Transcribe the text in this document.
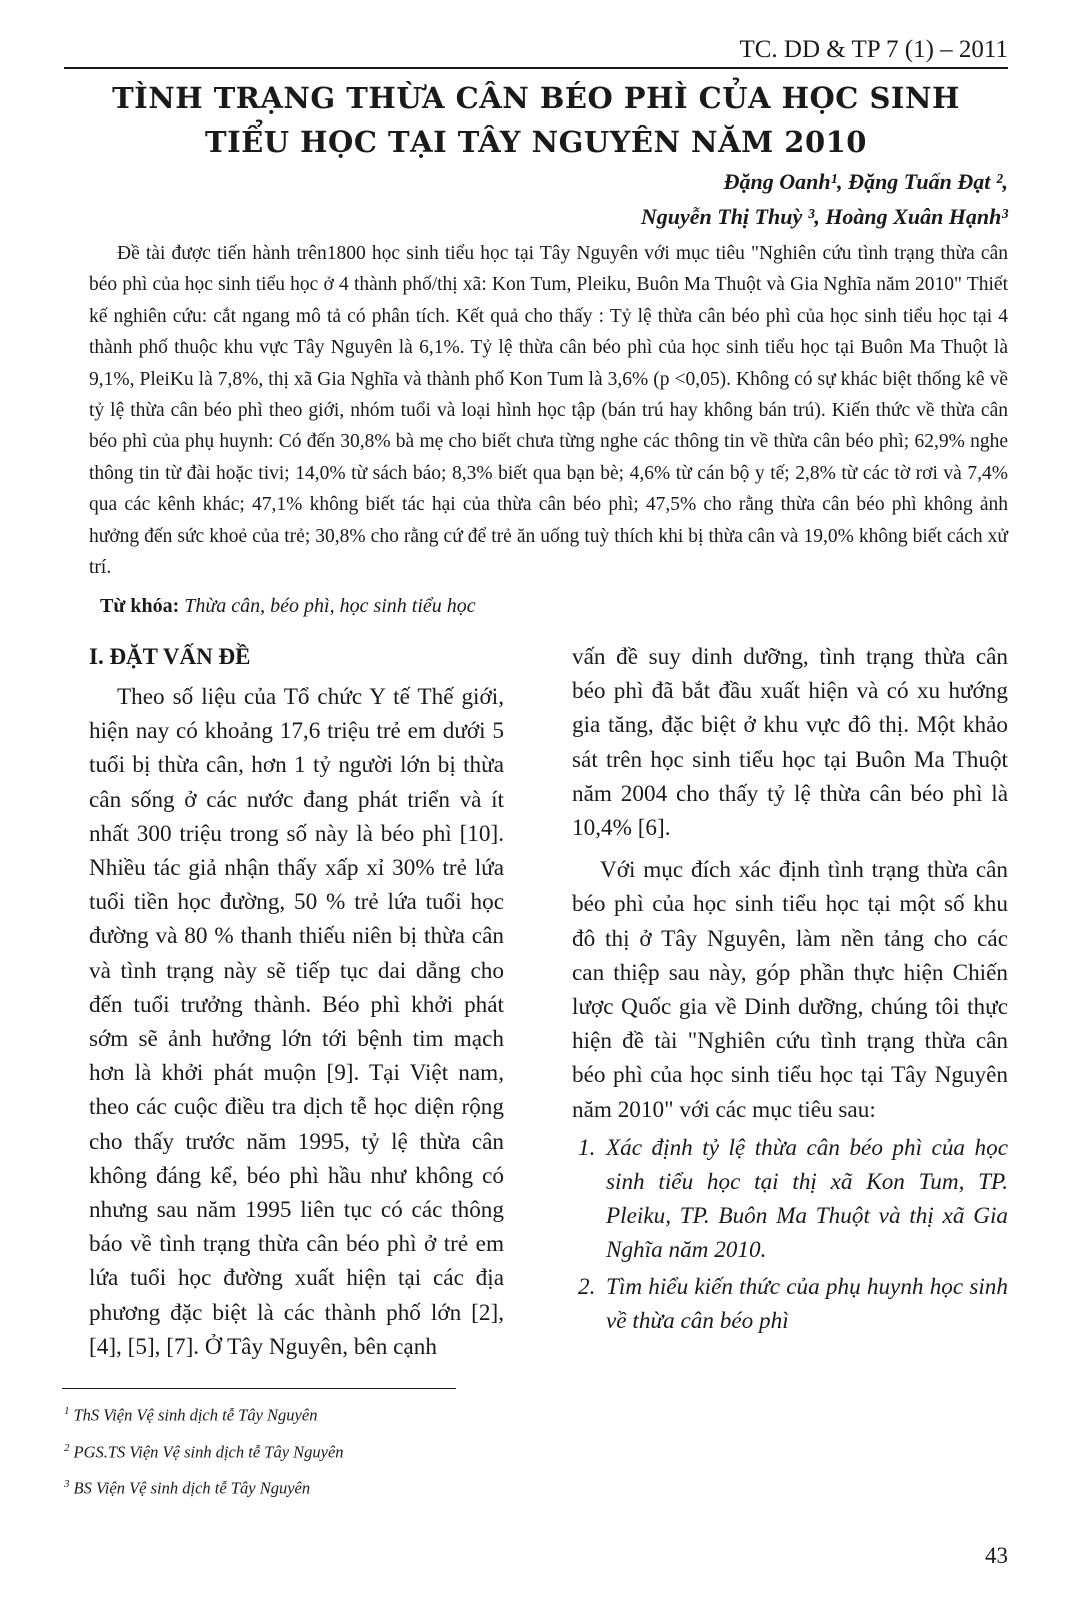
TC. DD & TP 7 (1) – 2011
TÌNH TRẠNG THỪA CÂN BÉO PHÌ CỦA HỌC SINH
TIỂU HỌC TẠI TÂY NGUYÊN NĂM 2010
Đặng Oanh¹, Đặng Tuấn Đạt ²,
Nguyễn Thị Thuỳ ³, Hoàng Xuân Hạnh³

Đề tài được tiến hành trên1800 học sinh tiểu học tại Tây Nguyên với mục tiêu "Nghiên cứu tình trạng thừa cân béo phì của học sinh tiểu học ở 4 thành phố/thị xã: Kon Tum, Pleiku, Buôn Ma Thuột và Gia Nghĩa năm 2010" Thiết kế nghiên cứu: cắt ngang mô tả có phân tích. Kết quả cho thấy : Tỷ lệ thừa cân béo phì của học sinh tiểu học tại 4 thành phố thuộc khu vực Tây Nguyên là 6,1%. Tỷ lệ thừa cân béo phì của học sinh tiểu học tại Buôn Ma Thuột là 9,1%, PleiKu là 7,8%, thị xã Gia Nghĩa và thành phố Kon Tum là 3,6% (p <0,05). Không có sự khác biệt thống kê về tỷ lệ thừa cân béo phì theo giới, nhóm tuổi và loại hình học tập (bán trú hay không bán trú). Kiến thức về thừa cân béo phì của phụ huynh: Có đến 30,8% bà mẹ cho biết chưa từng nghe các thông tin về thừa cân béo phì; 62,9% nghe thông tin từ đài hoặc tivi; 14,0% từ sách báo; 8,3% biết qua bạn bè; 4,6% từ cán bộ y tế; 2,8% từ các tờ rơi và 7,4% qua các kênh khác; 47,1% không biết tác hại của thừa cân béo phì; 47,5% cho rằng thừa cân béo phì không ảnh hưởng đến sức khoẻ của trẻ; 30,8% cho rằng cứ để trẻ ăn uống tuỳ thích khi bị thừa cân và 19,0% không biết cách xử trí.

Từ khóa: Thừa cân, béo phì, học sinh tiểu học
I. ĐẶT VẤN ĐỀ

Theo số liệu của Tổ chức Y tế Thế giới, hiện nay có khoảng 17,6 triệu trẻ em dưới 5 tuổi bị thừa cân, hơn 1 tỷ người lớn bị thừa cân sống ở các nước đang phát triển và ít nhất 300 triệu trong số này là béo phì [10]. Nhiều tác giả nhận thấy xấp xỉ 30% trẻ lứa tuổi tiền học đường, 50 % trẻ lứa tuổi học đường và 80 % thanh thiếu niên bị thừa cân và tình trạng này sẽ tiếp tục dai dẳng cho đến tuổi trưởng thành. Béo phì khởi phát sớm sẽ ảnh hưởng lớn tới bệnh tim mạch hơn là khởi phát muộn [9]. Tại Việt nam, theo các cuộc điều tra dịch tễ học diện rộng cho thấy trước năm 1995, tỷ lệ thừa cân không đáng kể, béo phì hầu như không có nhưng sau năm 1995 liên tục có các thông báo về tình trạng thừa cân béo phì ở trẻ em lứa tuổi học đường xuất hiện tại các địa phương đặc biệt là các thành phố lớn [2], [4], [5], [7]. Ở Tây Nguyên, bên cạnh

vấn đề suy dinh dưỡng, tình trạng thừa cân béo phì đã bắt đầu xuất hiện và có xu hướng gia tăng, đặc biệt ở khu vực đô thị. Một khảo sát trên học sinh tiểu học tại Buôn Ma Thuột năm 2004 cho thấy tỷ lệ thừa cân béo phì là 10,4% [6].

Với mục đích xác định tình trạng thừa cân béo phì của học sinh tiểu học tại một số khu đô thị ở Tây Nguyên, làm nền tảng cho các can thiệp sau này, góp phần thực hiện Chiến lược Quốc gia về Dinh dưỡng, chúng tôi thực hiện đề tài "Nghiên cứu tình trạng thừa cân béo phì của học sinh tiểu học tại Tây Nguyên năm 2010" với các mục tiêu sau:

1. Xác định tỷ lệ thừa cân béo phì của học sinh tiểu học tại thị xã Kon Tum, TP. Pleiku, TP. Buôn Ma Thuột và thị xã Gia Nghĩa năm 2010.
2. Tìm hiểu kiến thức của phụ huynh học sinh về thừa cân béo phì
$^1$ ThS Viện Vệ sinh dịch tễ Tây Nguyên
$^2$ PGS.TS Viện Vệ sinh dịch tễ Tây Nguyên
$^3$ BS Viện Vệ sinh dịch tễ Tây Nguyên
43
